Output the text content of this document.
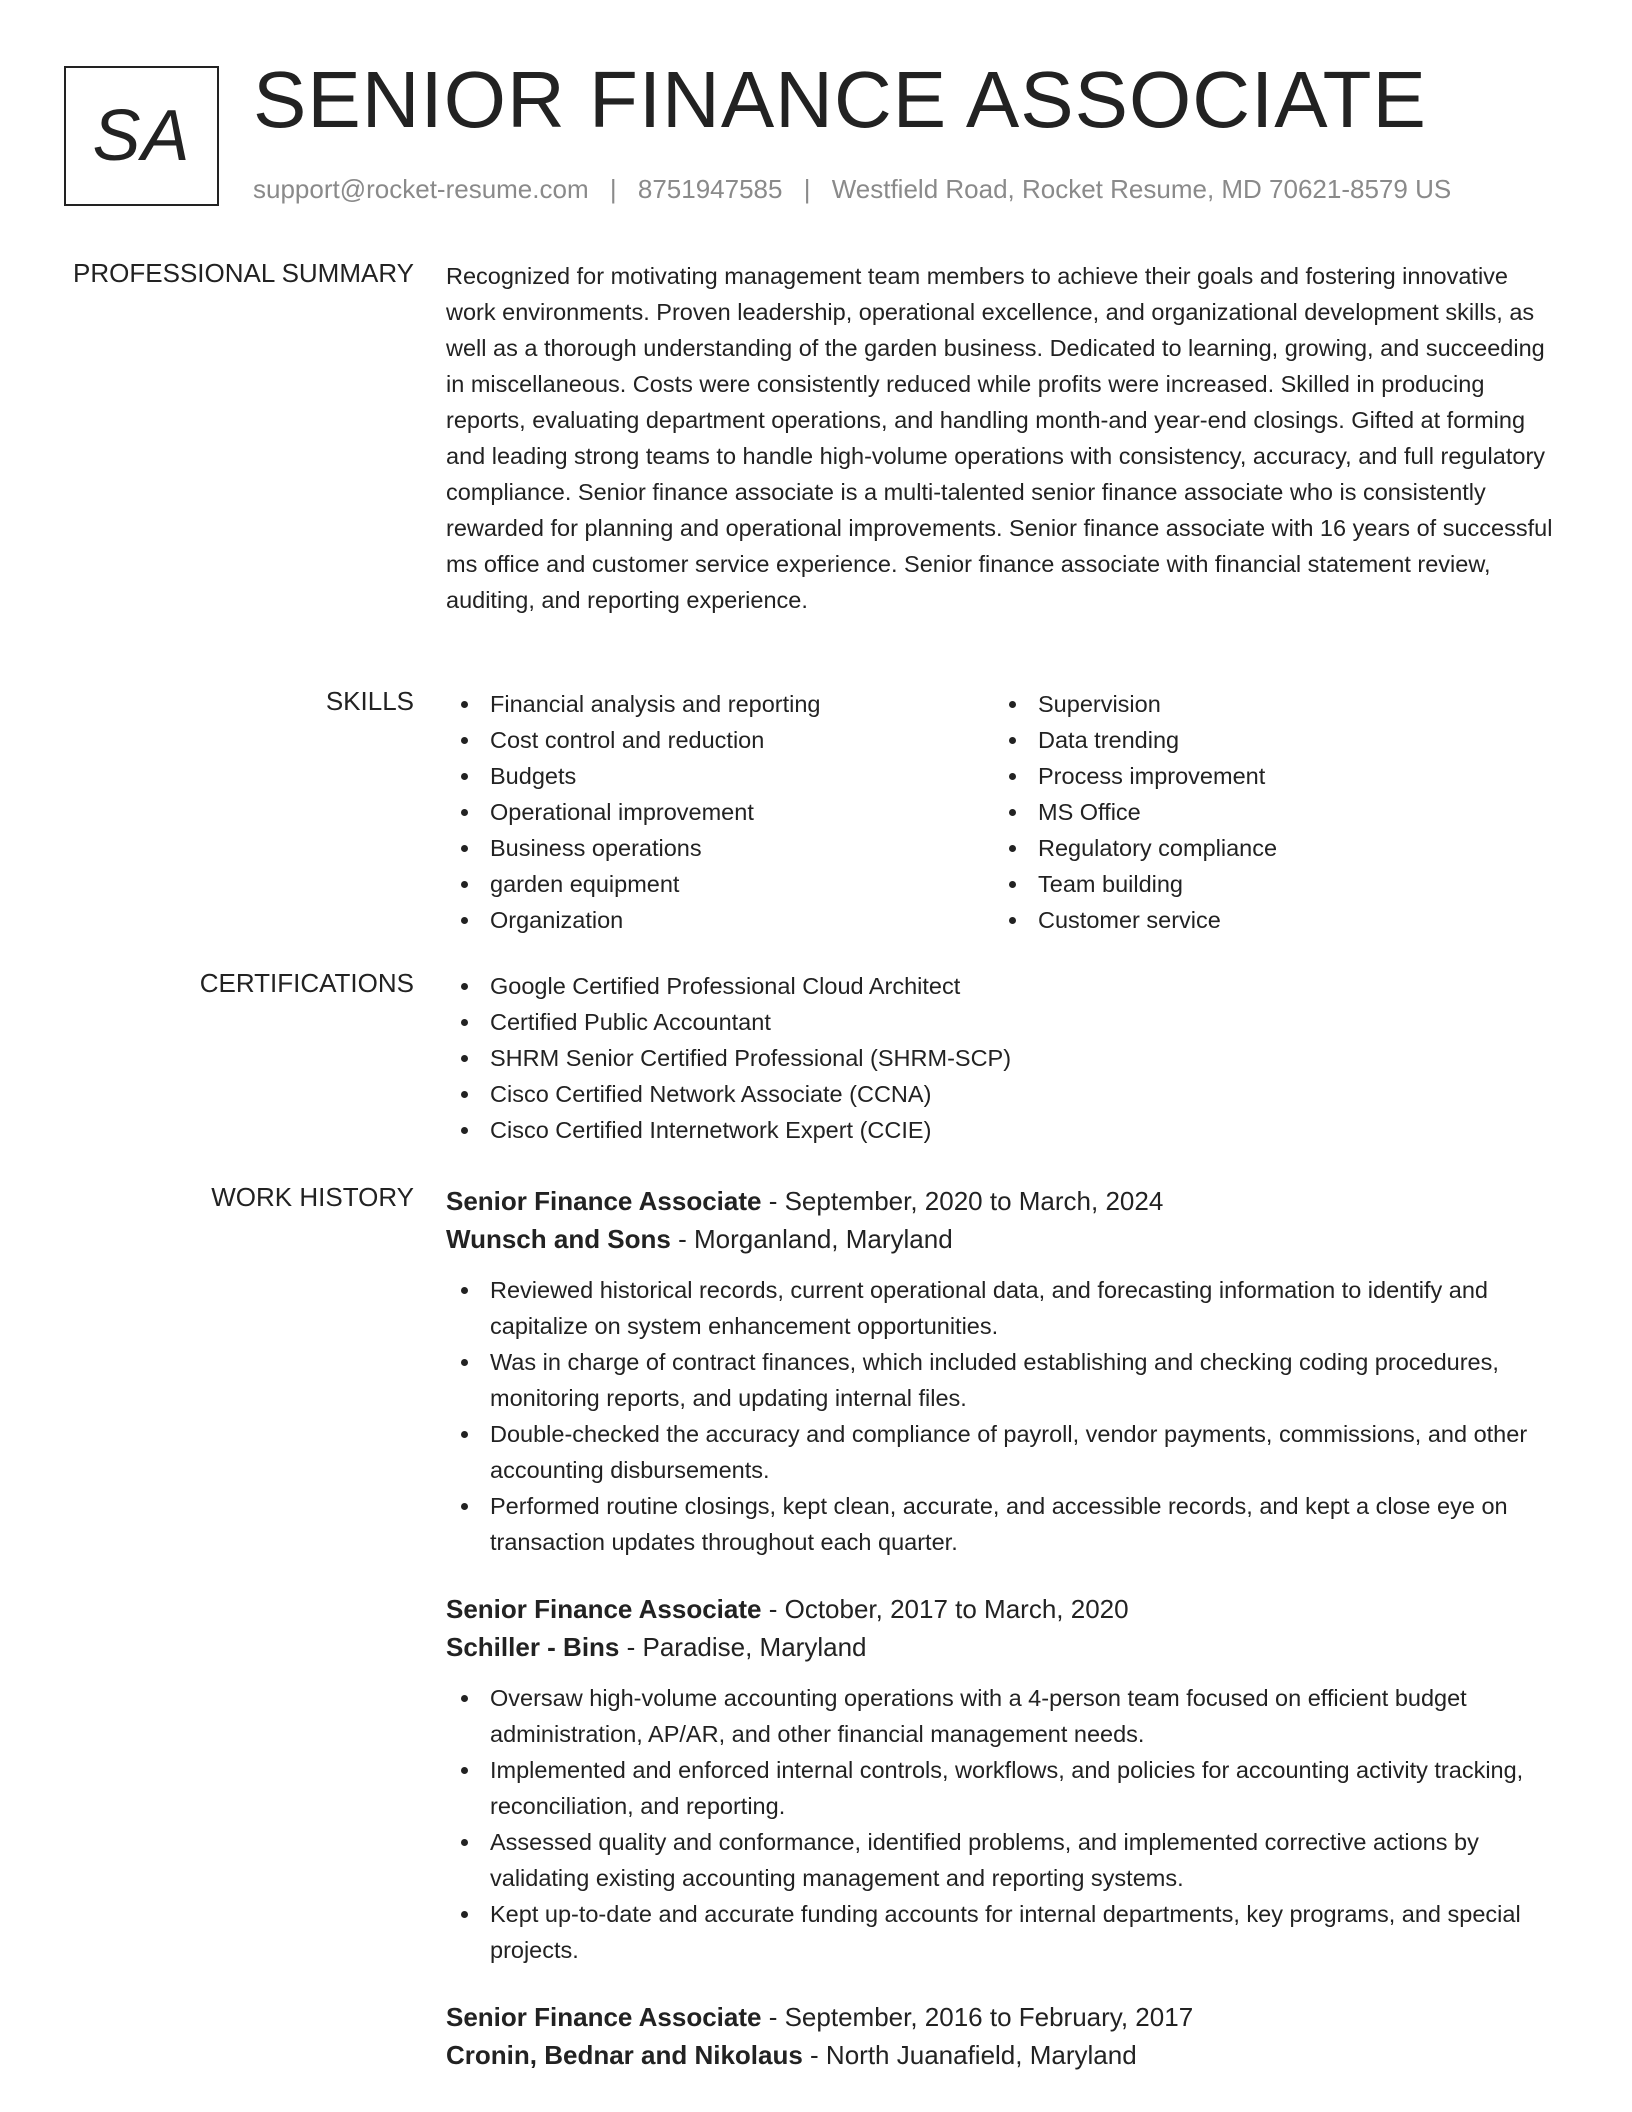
SA SENIOR FINANCE ASSOCIATE
support@rocket-resume.com | 8751947585 | Westfield Road, Rocket Resume, MD 70621-8579 US
PROFESSIONAL SUMMARY Recognized for motivating management team members to achieve their goals and fostering innovative work environments. Proven leadership, operational excellence, and organizational development skills, as well as a thorough understanding of the garden business. Dedicated to learning, growing, and succeeding in miscellaneous. Costs were consistently reduced while profits were increased. Skilled in producing reports, evaluating department operations, and handling month-and year-end closings. Gifted at forming and leading strong teams to handle high-volume operations with consistency, accuracy, and full regulatory compliance. Senior finance associate is a multi-talented senior finance associate who is consistently rewarded for planning and operational improvements. Senior finance associate with 16 years of successful ms office and customer service experience. Senior finance associate with financial statement review, auditing, and reporting experience.

SKILLS	Financial analysis and reporting
Cost control and reduction
Budgets
Operational improvement
Business operations
garden equipment
Organization
Supervision
Data trending
Process improvement
MS Office
Regulatory compliance
Team building
Customer service
CERTIFICATIONS	Google Certified Professional Cloud Architect
Certified Public Accountant
SHRM Senior Certified Professional (SHRM-SCP)
Cisco Certified Network Associate (CCNA)
Cisco Certified Internetwork Expert (CCIE)
WORK HISTORY Senior Finance Associate - September, 2020 to March, 2024
Wunsch and Sons - Morganland, Maryland
Reviewed historical records, current operational data, and forecasting information to identify and capitalize on system enhancement opportunities.
Was in charge of contract finances, which included establishing and checking coding procedures, monitoring reports, and updating internal files.
Double-checked the accuracy and compliance of payroll, vendor payments, commissions, and other accounting disbursements.
Performed routine closings, kept clean, accurate, and accessible records, and kept a close eye on transaction updates throughout each quarter.
Senior Finance Associate - October, 2017 to March, 2020
Schiller - Bins - Paradise, Maryland
Oversaw high-volume accounting operations with a 4-person team focused on efficient budget administration, AP/AR, and other financial management needs.
Implemented and enforced internal controls, workflows, and policies for accounting activity tracking, reconciliation, and reporting.
Assessed quality and conformance, identified problems, and implemented corrective actions by validating existing accounting management and reporting systems.
Kept up-to-date and accurate funding accounts for internal departments, key programs, and special projects.
Senior Finance Associate - September, 2016 to February, 2017
Cronin, Bednar and Nikolaus - North Juanafield, Maryland
